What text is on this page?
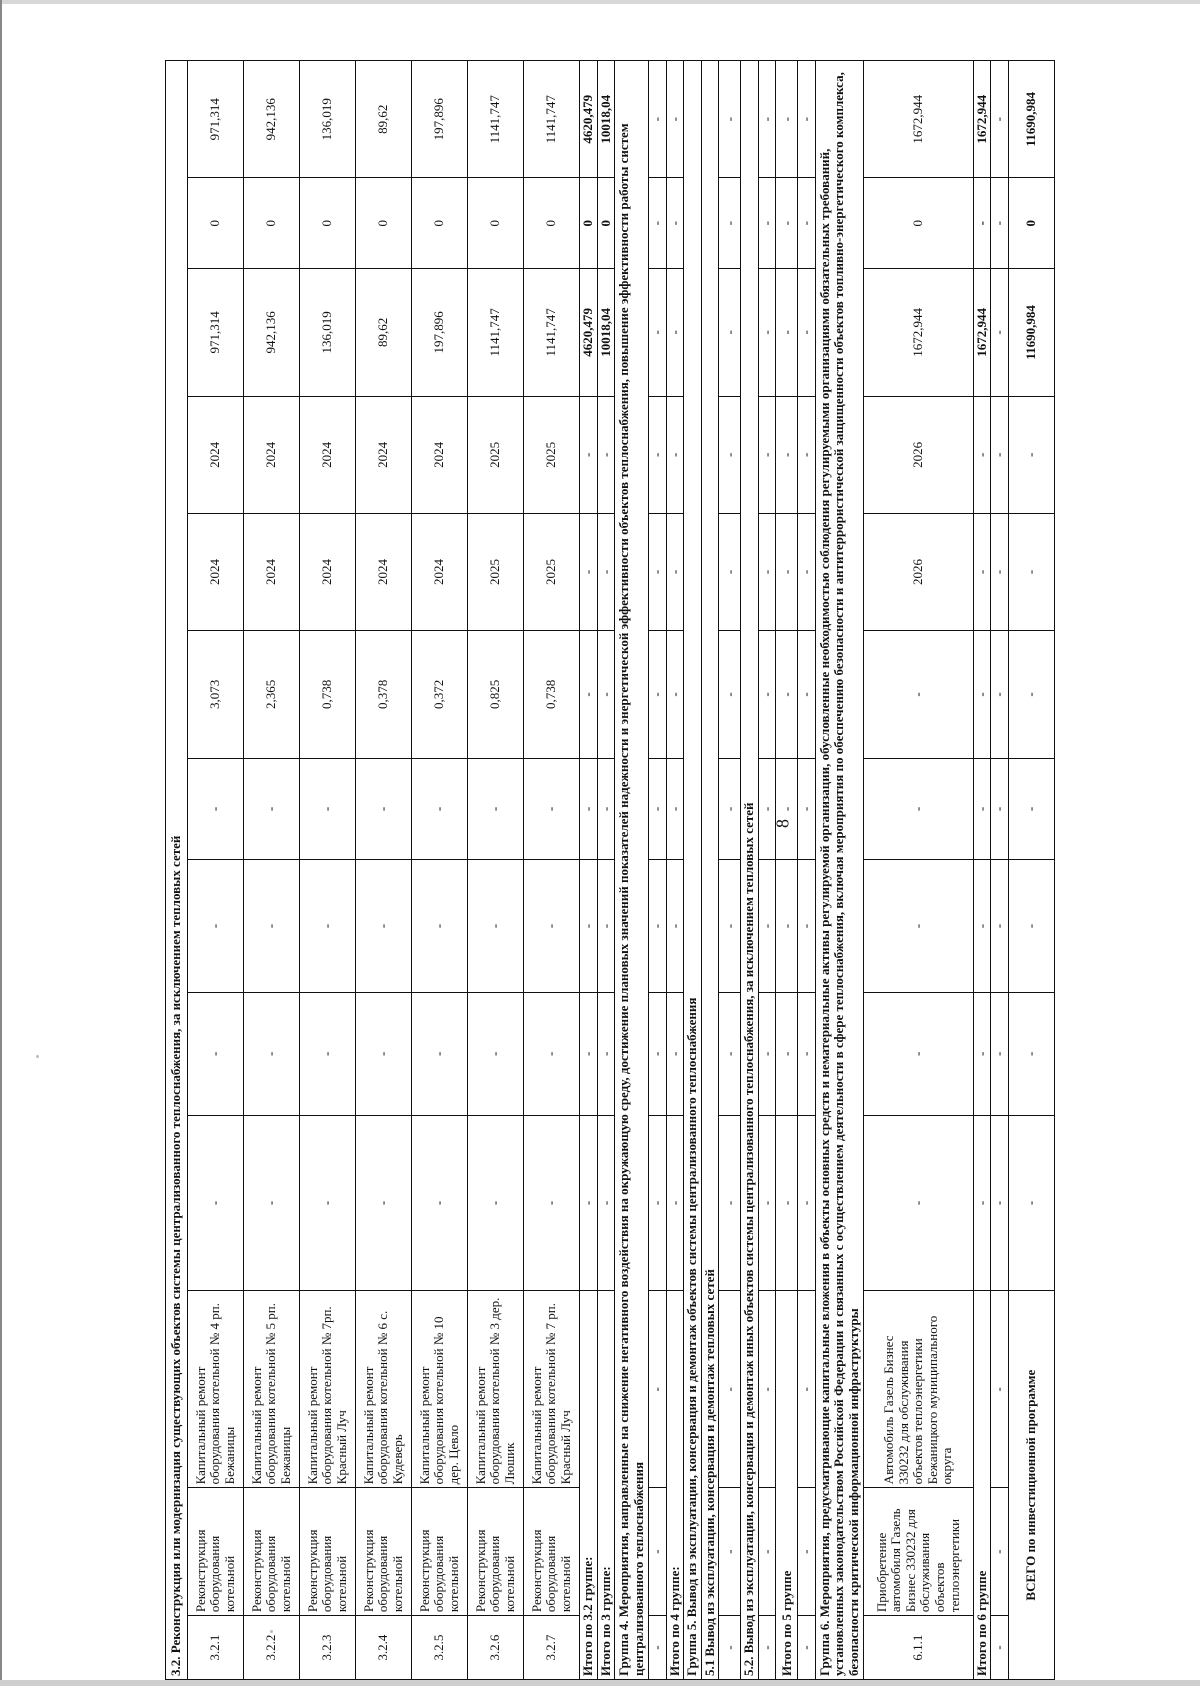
8
3.2. Реконструкция или модернизация существующих объектов системы централизованного теплоснабжения, за исключением тепловых сетей												
3.2.1	Реконструкция оборудования котельной	Капитальный ремонт оборудования котельной № 4 рп. Бежаницы	-	-	-	-	3,073	2024	2024	971,314	0	971,314
3.2.2	Реконструкция оборудования котельной	Капитальный ремонт оборудования котельной № 5 рп. Бежаницы	-	-	-	-	2,365	2024	2024	942,136	0	942,136
3.2.3	Реконструкция оборудования котельной	Капитальный ремонт оборудования котельной № 7рп. Красный Луч	-	-	-	-	0,738	2024	2024	136,019	0	136,019
3.2.4	Реконструкция оборудования котельной	Капитальный ремонт оборудования котельной № 6 с. Кудеверь	-	-	-	-	0,378	2024	2024	89,62	0	89,62
3.2.5	Реконструкция оборудования котельной	Капитальный ремонт оборудования котельной № 10 дер. Цевло	-	-	-	-	0,372	2024	2024	197,896	0	197,896
3.2.6	Реконструкция оборудования котельной	Капитальный ремонт оборудования котельной № 3 дер. Люшик	-	-	-	-	0,825	2025	2025	1141,747	0	1141,747
3.2.7	Реконструкция оборудования котельной	Капитальный ремонт оборудования котельной № 7 рп. Красный Луч	-	-	-	-	0,738	2025	2025	1141,747	0	1141,747
Итого по 3.2 группе:			-	-	-	-	-	-	-	4620,479	0	4620,479
Итого по 3 группе:			-	-	-	-	-	-	-	10018,04	0	10018,04
Группа 4. Мероприятия, направленные на снижение негативного воздействия на окружающую среду, достижение плановых значений показателей надежности и энергетической эффективности объектов теплоснабжения, повышение эффективности работы систем централизованного теплоснабжения												
-	-	-	-	-	-	-	-	-	-	-	-	-
Итого по 4 группе:			-	-	-	-	-	-	-	-	-	-
Группа 5. Вывод из эксплуатации, консервация и демонтаж объектов системы централизованного теплоснабжения												
5.1 Вывод из эксплуатации, консервация и демонтаж тепловых сетей												
-	-	-	-	-	-	-	-	-	-	-	-	-
5.2. Вывод из эксплуатации, консервация и демонтаж иных объектов системы централизованного теплоснабжения, за исключением тепловых сетей												
-	-	-	-	-	-	-	-	-	-	-	-	-
Итого по 5 группе			-	-	-	-	-	-	-	-	-	-
-	-	-	-	-	-	-	-	-	-	-	-	-
Группа 6. Мероприятия, предусматривающие капитальные вложения в объекты основных средств и нематериальные активы регулируемой организации, обусловленные необходимостью соблюдения регулируемыми организациями обязательных требований, установленных законодательством Российской Федерации и связанных с осуществлением деятельности в сфере теплоснабжения, включая мероприятия по обеспечению безопасности и антитеррористической защищенности объектов топливно-энергетического комплекса, безопасности критической информационной инфраструктуры												
6.1.1	Приобретение автомобиля Газель Бизнес 330232 для обслуживания объектов теплоэнергетики	Автомобиль Газель Бизнес 330232 для обслуживания объектов теплоэнергетики Бежаницкого муниципального округа	-	-	-	-	-	2026	2026	1672,944	0	1672,944
Итого по 6 группе			-	-	-	-	-	-	-	1672,944	-	1672,944
-	-	-	-	-	-	-	-	-	-	-	-	-
ВСЕГО по инвестиционной программе			-	-	-	-	-	-	-	11690,984	0	11690,984
